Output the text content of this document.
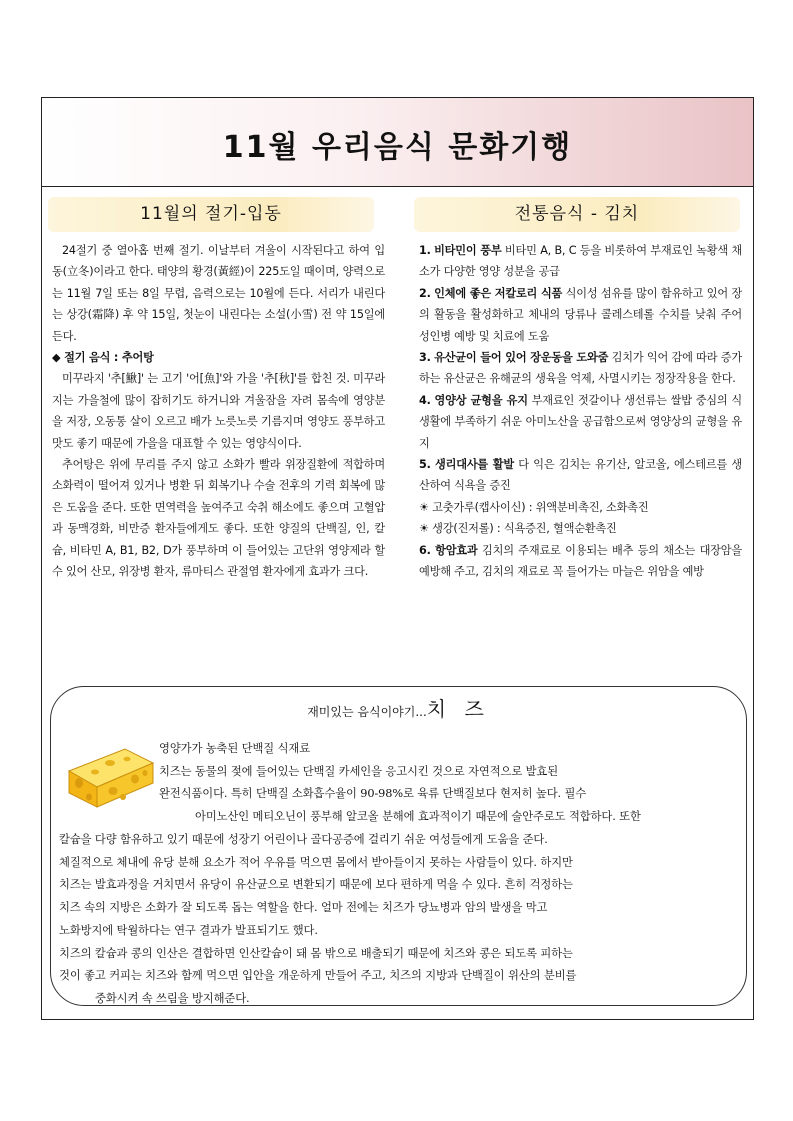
11월 우리음식 문화기행
11월의 절기-입동	전통음식 - 김치

24절기 중 열아홉 번째 절기. 이날부터 겨울이 시작된다고 하여 입동(立冬)이라고 한다. 태양의 황경(黃經)이 225도일 때이며, 양력으로는 11월 7일 또는 8일 무렵, 음력으로는 10월에 든다. 서리가 내린다는 상강(霜降) 후 약 15일, 첫눈이 내린다는 소설(小雪) 전 약 15일에 든다.

◆ 절기 음식 : 추어탕

미꾸라지 '추[鰍]' 는 고기 '어[魚]'와 가을 '추[秋]'를 합친 것. 미꾸라지는 가을철에 많이 잡히기도 하거니와 겨울잠을 자려 몸속에 영양분을 저장, 오동통 살이 오르고 배가 노릇노릇 기름지며 영양도 풍부하고 맛도 좋기 때문에 가을을 대표할 수 있는 영양식이다.

추어탕은 위에 무리를 주지 않고 소화가 빨라 위장질환에 적합하며 소화력이 떨어져 있거나 병환 뒤 회복기나 수술 전후의 기력 회복에 많은 도움을 준다. 또한 면역력을 높여주고 숙취 해소에도 좋으며 고혈압과 동맥경화, 비만증 환자들에게도 좋다. 또한 양질의 단백질, 인, 칼슘, 비타민 A, B1, B2, D가 풍부하며 이 들어있는 고단위 영양제라 할 수 있어 산모, 위장병 환자, 류마티스 관절염 환자에게 효과가 크다.

1. 비타민이 풍부 비타민 A, B, C 등을 비롯하여 부재료인 녹황색 채소가 다양한 영양 성분을 공급

2. 인체에 좋은 저칼로리 식품 식이성 섬유를 많이 함유하고 있어 장의 활동을 활성화하고 체내의 당류나 콜레스테롤 수치를 낮춰 주어 성인병 예방 및 치료에 도움

3. 유산균이 들어 있어 장운동을 도와줌 김치가 익어 감에 따라 증가하는 유산균은 유해균의 생육을 억제, 사멸시키는 정장작용을 한다.

4. 영양상 균형을 유지 부재료인 젓갈이나 생선류는 쌀밥 중심의 식생활에 부족하기 쉬운 아미노산을 공급함으로써 영양상의 균형을 유지

5. 생리대사를 활발 다 익은 김치는 유기산, 알코올, 에스테르를 생산하여 식욕을 증진

☀ 고춧가루(캡사이신) : 위액분비촉진, 소화촉진

☀ 생강(진저롤) : 식욕증진, 혈액순환촉진

6. 항암효과 김치의 주재료로 이용되는 배추 등의 채소는 대장암을 예방해 주고, 김치의 재료로 꼭 들어가는 마늘은 위암을 예방

재미있는 음식이야기...치 즈

영양가가 농축된 단백질 식재료

치즈는 동물의 젖에 들어있는 단백질 카세인을 응고시킨 것으로 자연적으로 발효된

완전식품이다. 특히 단백질 소화흡수율이 90-98%로 육류 단백질보다 현저히 높다. 필수

아미노산인 메티오닌이 풍부해 알코올 분해에 효과적이기 때문에 술안주로도 적합하다. 또한

칼슘을 다량 함유하고 있기 때문에 성장기 어린이나 골다공증에 걸리기 쉬운 여성들에게 도움을 준다.

체질적으로 체내에 유당 분해 요소가 적어 우유를 먹으면 몸에서 받아들이지 못하는 사람들이 있다. 하지만

치즈는 발효과정을 거치면서 유당이 유산균으로 변환되기 때문에 보다 편하게 먹을 수 있다. 흔히 걱정하는

치즈 속의 지방은 소화가 잘 되도록 돕는 역할을 한다. 얼마 전에는 치즈가 당뇨병과 암의 발생을 막고

노화방지에 탁월하다는 연구 결과가 발표되기도 했다.

치즈의 칼슘과 콩의 인산은 결합하면 인산칼슘이 돼 몸 밖으로 배출되기 때문에 치즈와 콩은 되도록 피하는

것이 좋고 커피는 치즈와 함께 먹으면 입안을 개운하게 만들어 주고, 치즈의 지방과 단백질이 위산의 분비를

중화시켜 속 쓰림을 방지해준다.
